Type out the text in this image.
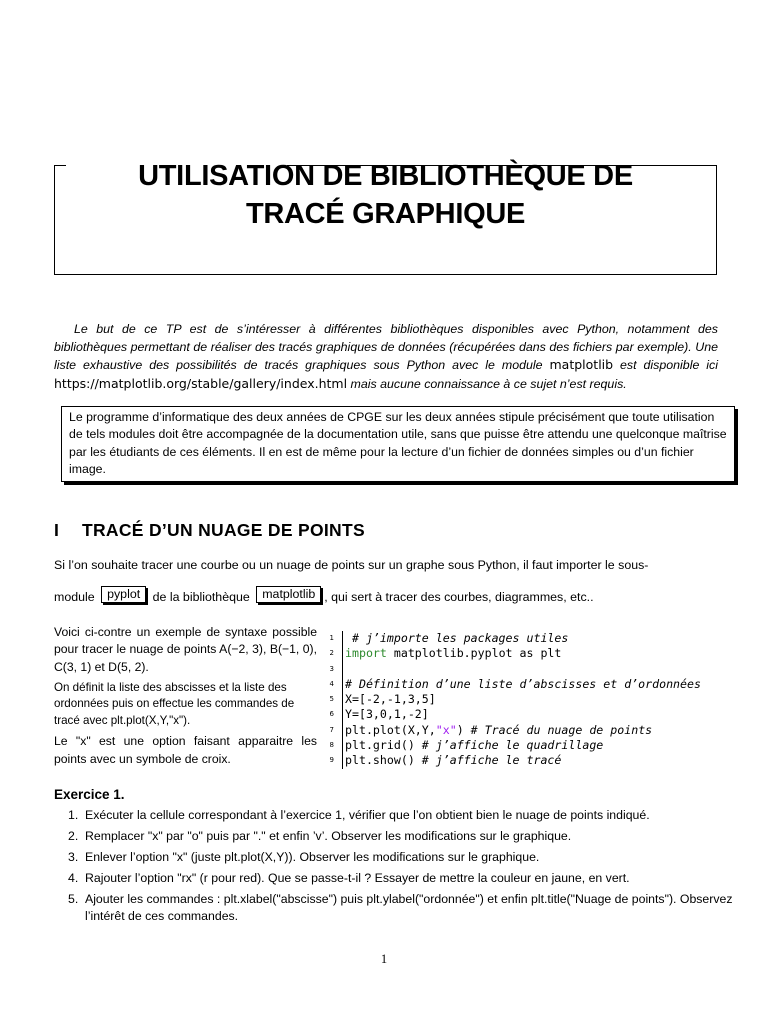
UTILISATION DE BIBLIOTHÈQUE DE
TRACÉ GRAPHIQUE
Le but de ce TP est de s’intéresser à différentes bibliothèques disponibles avec Python, notamment des bibliothèques permettant de réaliser des tracés graphiques de données (récupérées dans des fichiers par exemple). Une liste exhaustive des possibilités de tracés graphiques sous Python avec le module matplotlib est disponible ici https://matplotlib.org/stable/gallery/index.html mais aucune connaissance à ce sujet n’est requis.
Le programme d’informatique des deux années de CPGE sur les deux années stipule précisément que toute utilisation de tels modules doit être accompagnée de la documentation utile, sans que puisse être attendu une quelconque maîtrise par les étudiants de ces éléments. Il en est de même pour la lecture d’un fichier de données simples ou d’un fichier image.
I TRACÉ D’UN NUAGE DE POINTS
Si l’on souhaite tracer une courbe ou un nuage de points sur un graphe sous Python, il faut importer le sous-
module pyplot de la bibliothèque matplotlib , qui sert à tracer des courbes, diagrammes, etc..

Voici ci-contre un exemple de syntaxe possible pour tracer le nuage de points A(−2, 3), B(−1, 0), C(3, 1) et D(5, 2).

On définit la liste des abscisses et la liste des ordonnées puis on effectue les commandes de tracé avec plt.plot(X,Y,"x").

Le "x" est une option faisant apparaitre les points avec un symbole de croix.

1 # j’importe les packages utiles
2 import matplotlib.pyplot as plt
3
4 # Définition d’une liste d’abscisses et d’ordonnées
5 X=[-2,-1,3,5]
6 Y=[3,0,1,-2]
7 plt.plot(X,Y,"x") # Tracé du nuage de points
8 plt.grid() # j’affiche le quadrillage
9 plt.show() # j’affiche le tracé
Exercice 1.
1. Exécuter la cellule correspondant à l’exercice 1, vérifier que l’on obtient bien le nuage de points indiqué.
2. Remplacer "x" par "o" puis par "." et enfin ’v’. Observer les modifications sur le graphique.
3. Enlever l’option "x" (juste plt.plot(X,Y)). Observer les modifications sur le graphique.
4. Rajouter l’option "rx" (r pour red). Que se passe-t-il ? Essayer de mettre la couleur en jaune, en vert.
5. Ajouter les commandes : plt.xlabel("abscisse") puis plt.ylabel("ordonnée") et enfin plt.title("Nuage de points"). Observez l’intérêt de ces commandes.
1
